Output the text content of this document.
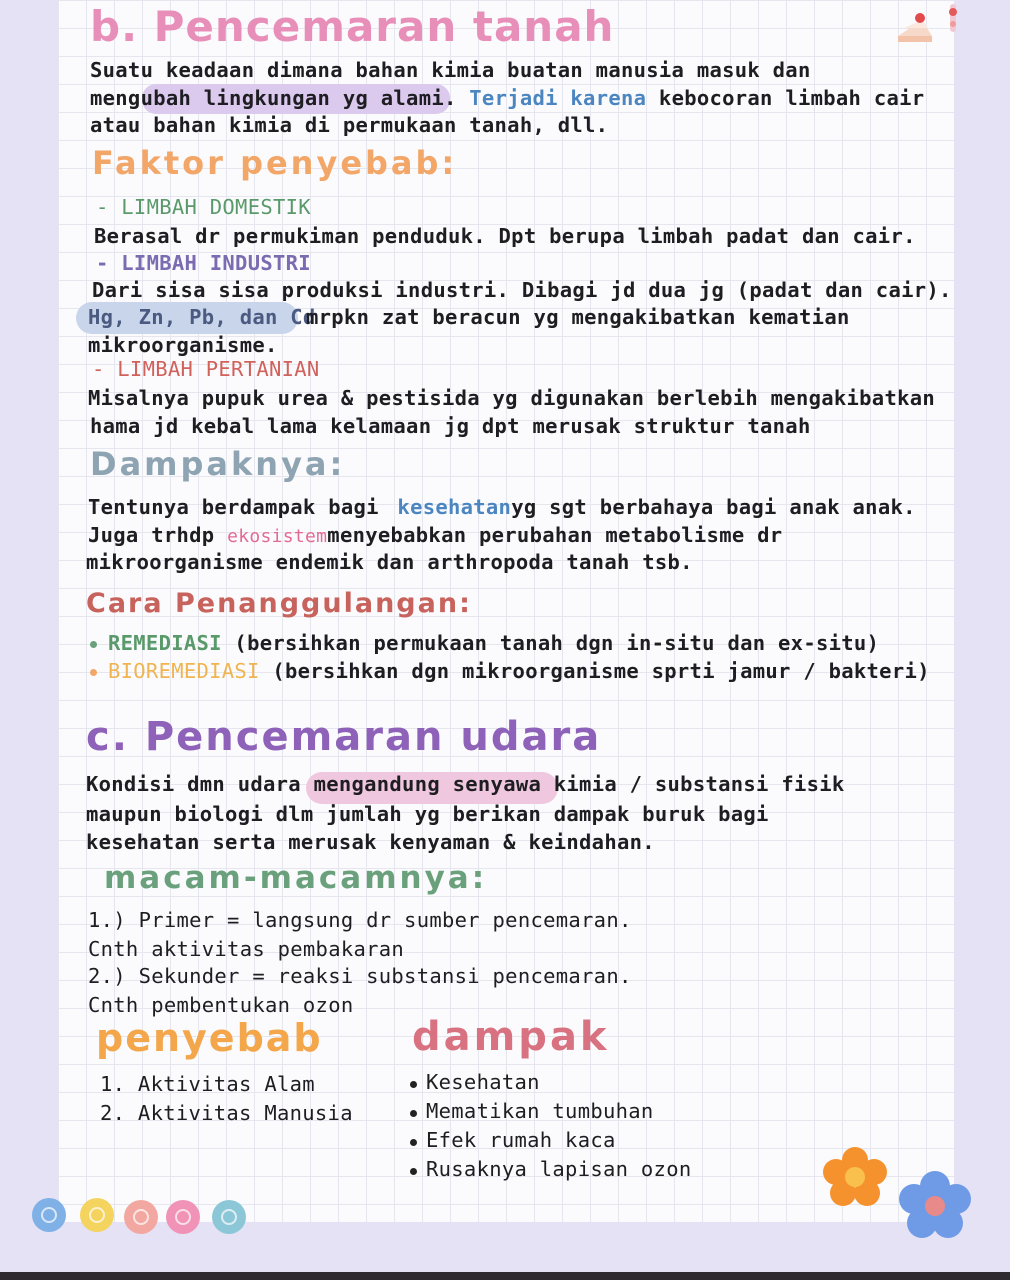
b. Pencemaran tanah
Suatu keadaan dimana bahan kimia buatan manusia masuk dan
mengubah lingkungan yg alami. Terjadi karena kebocoran limbah cair
atau bahan kimia di permukaan tanah, dll.
Faktor penyebab:
- LIMBAH DOMESTIK
Berasal dr permukiman penduduk. Dpt berupa limbah padat dan cair.
- LIMBAH INDUSTRI
Dari sisa sisa produksi industri. Dibagi jd dua jg (padat dan cair).
Hg, Zn, Pb, dan Cd
mrpkn zat beracun yg mengakibatkan kematian
mikroorganisme.
- LIMBAH PERTANIAN
Misalnya pupuk urea & pestisida yg digunakan berlebih mengakibatkan
hama jd kebal lama kelamaan jg dpt merusak struktur tanah
Dampaknya:
Tentunya berdampak bagi kesehatanyg sgt berbahaya bagi anak anak.
Juga trhdp ekosistemmenyebabkan perubahan metabolisme dr
mikroorganisme endemik dan arthropoda tanah tsb.
Cara Penanggulangan:
REMEDIASI (bersihkan permukaan tanah dgn in-situ dan ex-situ)
BIOREMEDIASI (bersihkan dgn mikroorganisme sprti jamur / bakteri)
c. Pencemaran udara
Kondisi dmn udara mengandung senyawa kimia / substansi fisik
maupun biologi dlm jumlah yg berikan dampak buruk bagi
kesehatan serta merusak kenyaman & keindahan.
macam-macamnya:
1.) Primer = langsung dr sumber pencemaran.
Cnth aktivitas pembakaran
2.) Sekunder = reaksi substansi pencemaran.
Cnth pembentukan ozon
penyebab dampak
1. Aktivitas Alam
2. Aktivitas Manusia
Kesehatan
Mematikan tumbuhan
Efek rumah kaca
Rusaknya lapisan ozon
